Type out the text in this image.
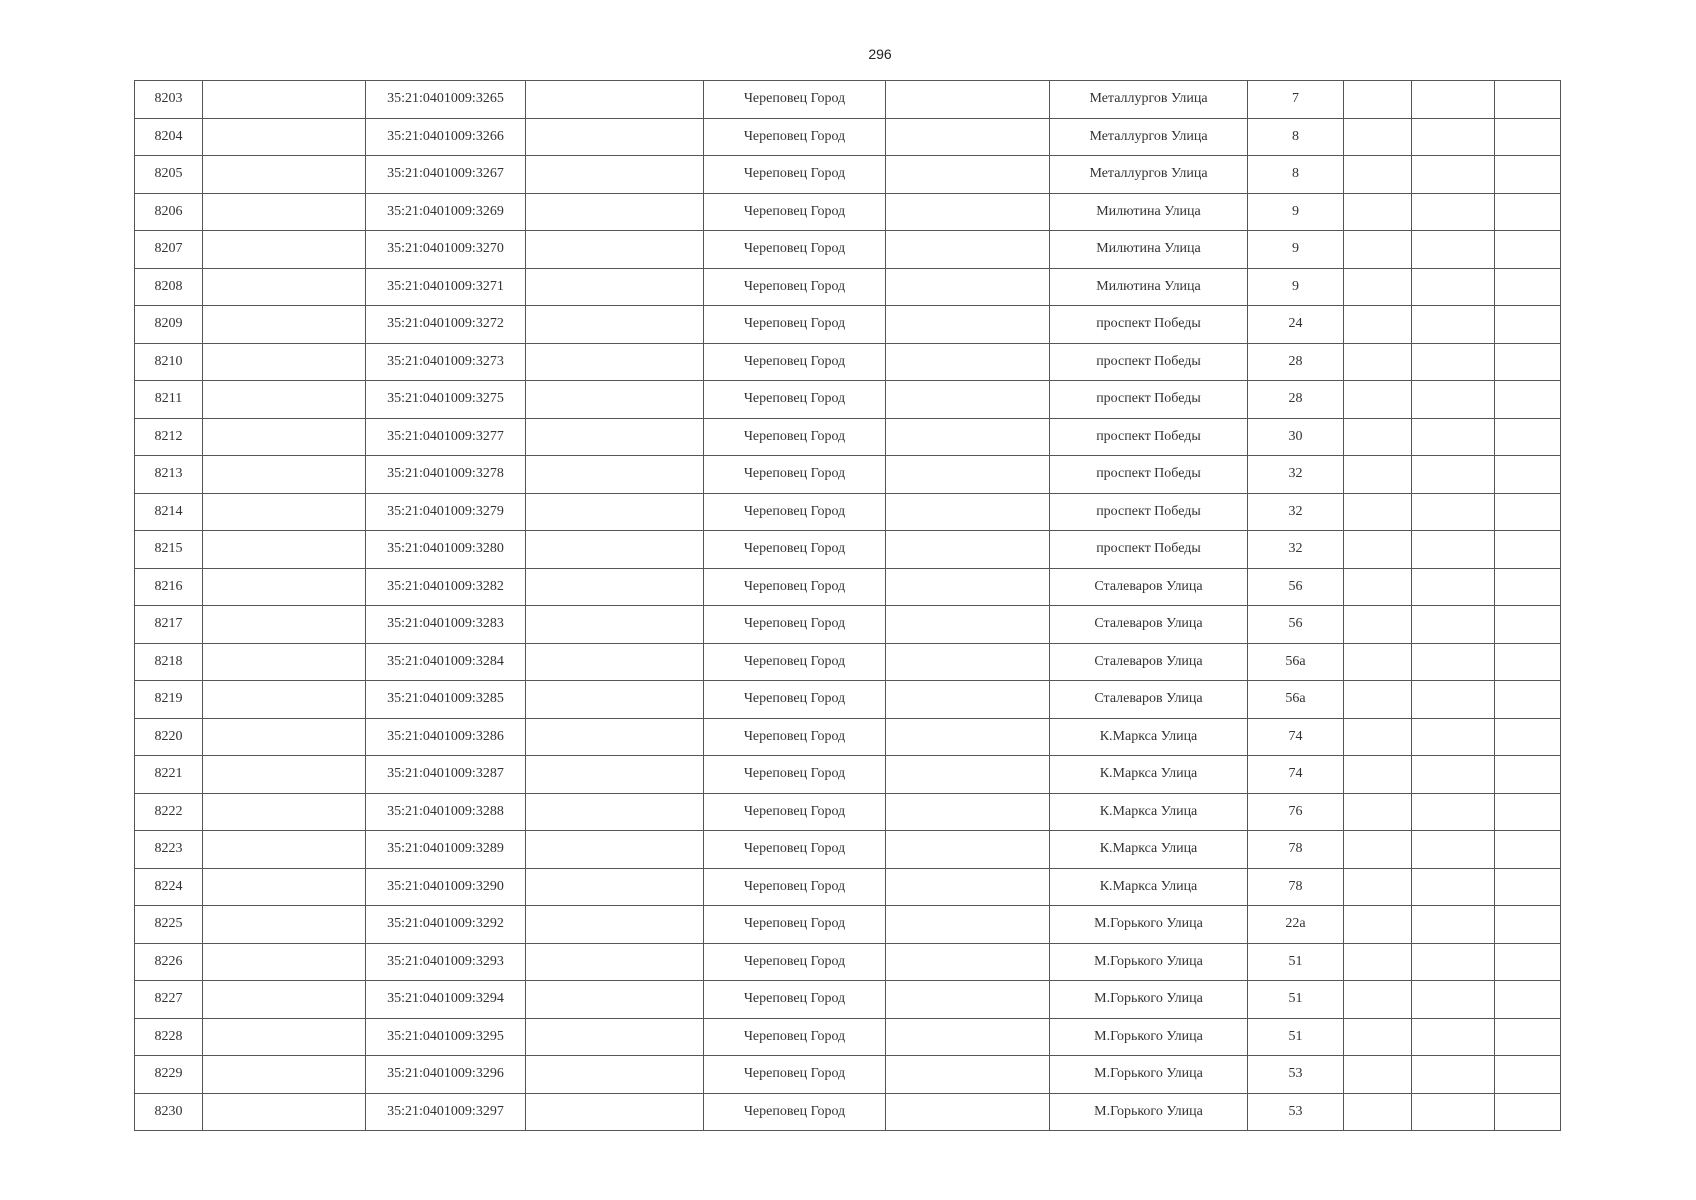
296
8203		35:21:0401009:3265		Череповец Город		Металлургов Улица	7			
8204		35:21:0401009:3266		Череповец Город		Металлургов Улица	8			
8205		35:21:0401009:3267		Череповец Город		Металлургов Улица	8			
8206		35:21:0401009:3269		Череповец Город		Милютина Улица	9			
8207		35:21:0401009:3270		Череповец Город		Милютина Улица	9			
8208		35:21:0401009:3271		Череповец Город		Милютина Улица	9			
8209		35:21:0401009:3272		Череповец Город		проспект Победы	24			
8210		35:21:0401009:3273		Череповец Город		проспект Победы	28			
8211		35:21:0401009:3275		Череповец Город		проспект Победы	28			
8212		35:21:0401009:3277		Череповец Город		проспект Победы	30			
8213		35:21:0401009:3278		Череповец Город		проспект Победы	32			
8214		35:21:0401009:3279		Череповец Город		проспект Победы	32			
8215		35:21:0401009:3280		Череповец Город		проспект Победы	32			
8216		35:21:0401009:3282		Череповец Город		Сталеваров Улица	56			
8217		35:21:0401009:3283		Череповец Город		Сталеваров Улица	56			
8218		35:21:0401009:3284		Череповец Город		Сталеваров Улица	56а			
8219		35:21:0401009:3285		Череповец Город		Сталеваров Улица	56а			
8220		35:21:0401009:3286		Череповец Город		К.Маркса Улица	74			
8221		35:21:0401009:3287		Череповец Город		К.Маркса Улица	74			
8222		35:21:0401009:3288		Череповец Город		К.Маркса Улица	76			
8223		35:21:0401009:3289		Череповец Город		К.Маркса Улица	78			
8224		35:21:0401009:3290		Череповец Город		К.Маркса Улица	78			
8225		35:21:0401009:3292		Череповец Город		М.Горького Улица	22а			
8226		35:21:0401009:3293		Череповец Город		М.Горького Улица	51			
8227		35:21:0401009:3294		Череповец Город		М.Горького Улица	51			
8228		35:21:0401009:3295		Череповец Город		М.Горького Улица	51			
8229		35:21:0401009:3296		Череповец Город		М.Горького Улица	53			
8230		35:21:0401009:3297		Череповец Город		М.Горького Улица	53			
